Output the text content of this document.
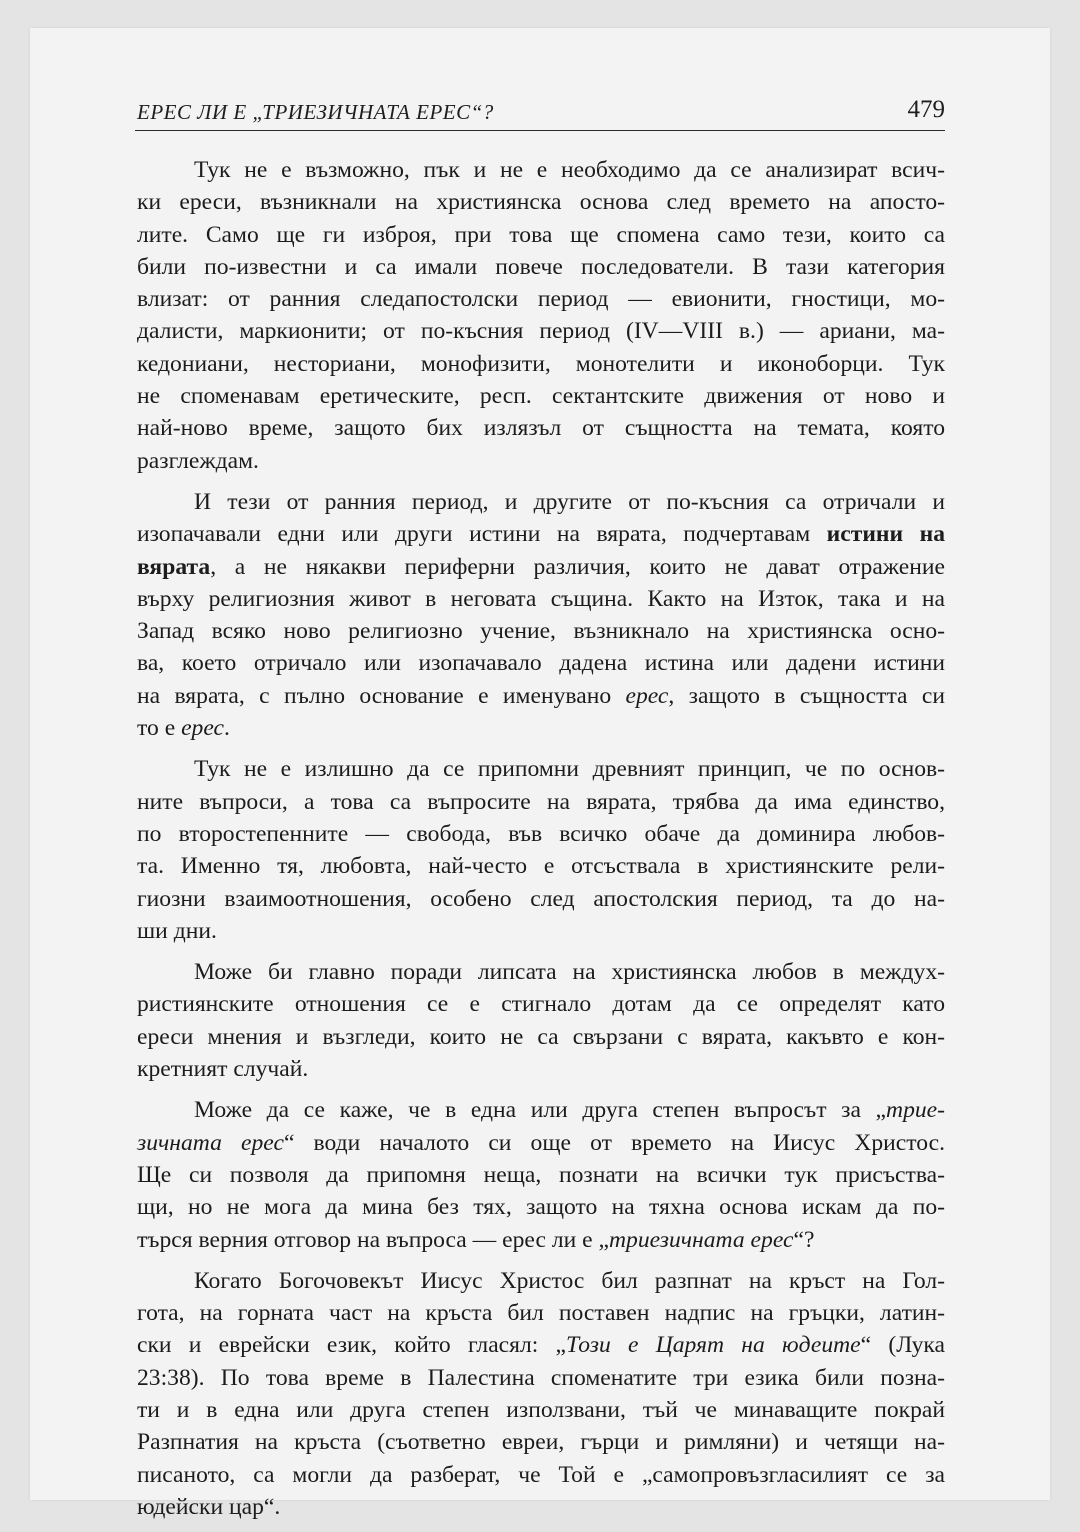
ЕРЕС ЛИ Е „ТРИЕЗИЧНАТА ЕРЕС“?	479
Тук не е възможно, пък и не е необходимо да се анализират всич-
ки ереси, възникнали на християнска основа след времето на апосто-
лите. Само ще ги изброя, при това ще спомена само тези, които са
били по-известни и са имали повече последователи. В тази категория
влизат: от ранния следапостолски период — евионити, гностици, мо-
далисти, маркионити; от по-късния период (IV—VIII в.) — ариани, ма-
кедониани, несториани, монофизити, монотелити и иконоборци. Тук
не споменавам еретическите, респ. сектантските движения от ново и
най-ново време, защото бих излязъл от същността на темата, която
разглеждам.
И тези от ранния период, и другите от по-късния са отричали и
изопачавали едни или други истини на вярата, подчертавам истини на
вярата, а не някакви периферни различия, които не дават отражение
върху религиозния живот в неговата същина. Както на Изток, така и на
Запад всяко ново религиозно учение, възникнало на християнска осно-
ва, което отричало или изопачавало дадена истина или дадени истини
на вярата, с пълно основание е именувано ерес, защото в същността си
то е ерес.
Тук не е излишно да се припомни древният принцип, че по основ-
ните въпроси, а това са въпросите на вярата, трябва да има единство,
по второстепенните — свобода, във всичко обаче да доминира любов-
та. Именно тя, любовта, най-често е отсъствала в християнските рели-
гиозни взаимоотношения, особено след апостолския период, та до на-
ши дни.
Може би главно поради липсата на християнска любов в междух-
ристиянските отношения се е стигнало дотам да се определят като
ереси мнения и възгледи, които не са свързани с вярата, какъвто е кон-
кретният случай.
Може да се каже, че в една или друга степен въпросът за „трие-
зичната ерес“ води началото си още от времето на Иисус Христос.
Ще си позволя да припомня неща, познати на всички тук присъства-
щи, но не мога да мина без тях, защото на тяхна основа искам да по-
търся верния отговор на въпроса — ерес ли е „триезичната ерес“?
Когато Богочовекът Иисус Христос бил разпнат на кръст на Гол-
гота, на горната част на кръста бил поставен надпис на гръцки, латин-
ски и еврейски език, който гласял: „Този е Царят на юдеите“ (Лука
23:38). По това време в Палестина споменатите три езика били позна-
ти и в една или друга степен използвани, тъй че минаващите покрай
Разпнатия на кръста (съответно евреи, гърци и римляни) и четящи на-
писаното, са могли да разберат, че Той е „самопровъзгласилият се за
юдейски цар“.
